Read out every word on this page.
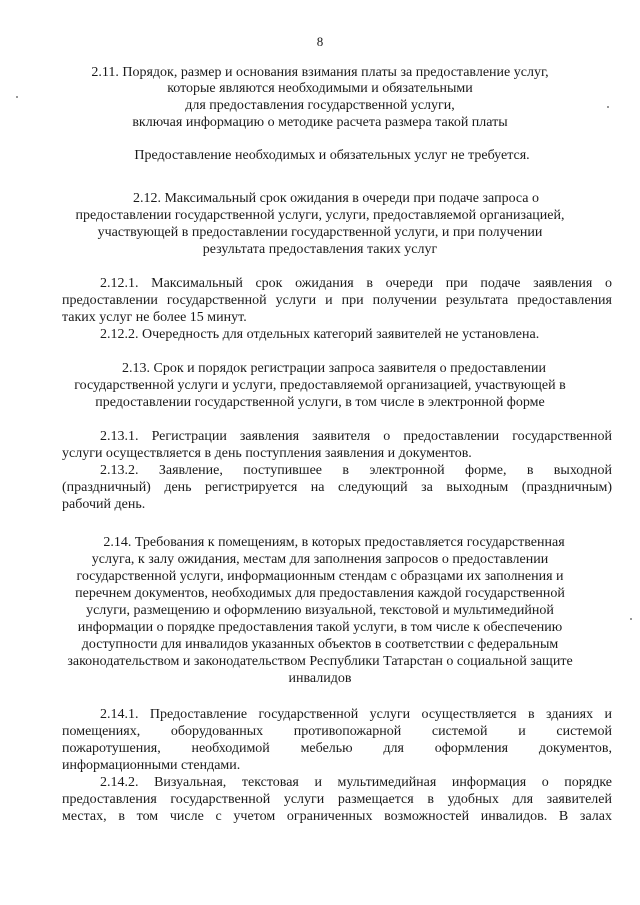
8
2.11. Порядок, размер и основания взимания платы за предоставление услуг,
которые являются необходимыми и обязательными
для предоставления государственной услуги,
включая информацию о методике расчета размера такой платы
Предоставление необходимых и обязательных услуг не требуется.
2.12. Максимальный срок ожидания в очереди при подаче запроса о
предоставлении государственной услуги, услуги, предоставляемой организацией,
участвующей в предоставлении государственной услуги, и при получении
результата предоставления таких услуг
2.12.1. Максимальный срок ожидания в очереди при подаче заявления о
предоставлении государственной услуги и при получении результата предоставления
таких услуг не более 15 минут.
2.12.2. Очередность для отдельных категорий заявителей не установлена.
2.13. Срок и порядок регистрации запроса заявителя о предоставлении
государственной услуги и услуги, предоставляемой организацией, участвующей в
предоставлении государственной услуги, в том числе в электронной форме
2.13.1. Регистрации заявления заявителя о предоставлении государственной
услуги осуществляется в день поступления заявления и документов.
2.13.2. Заявление, поступившее в электронной форме, в выходной
(праздничный) день регистрируется на следующий за выходным (праздничным)
рабочий день.
2.14. Требования к помещениям, в которых предоставляется государственная
услуга, к залу ожидания, местам для заполнения запросов о предоставлении
государственной услуги, информационным стендам с образцами их заполнения и
перечнем документов, необходимых для предоставления каждой государственной
услуги, размещению и оформлению визуальной, текстовой и мультимедийной
информации о порядке предоставления такой услуги, в том числе к обеспечению
доступности для инвалидов указанных объектов в соответствии с федеральным
законодательством и законодательством Республики Татарстан о социальной защите
инвалидов
2.14.1. Предоставление государственной услуги осуществляется в зданиях и
помещениях, оборудованных противопожарной системой и системой
пожаротушения, необходимой мебелью для оформления документов,
информационными стендами.
2.14.2. Визуальная, текстовая и мультимедийная информация о порядке
предоставления государственной услуги размещается в удобных для заявителей
местах, в том числе с учетом ограниченных возможностей инвалидов. В залах
